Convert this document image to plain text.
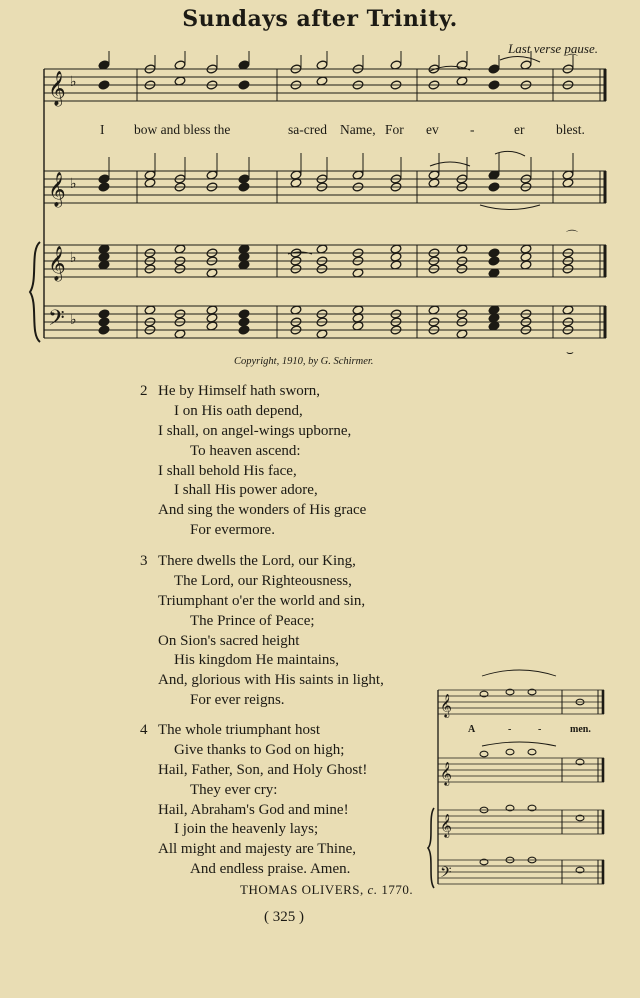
Sundays after Trinity.
Last verse pause.
𝄞
𝄞
𝄞
𝄢
♭
♭
♭
♭
⌒
⌒
⌣
I bow and bless the	sa-cred Name, For ev -	er blest.
Copyright, 1910, by G. Schirmer.
2 He by Himself hath sworn,
I on His oath depend,
I shall, on angel-wings upborne,
To heaven ascend:
I shall behold His face,
I shall His power adore,
And sing the wonders of His grace
For evermore.
3 There dwells the Lord, our King,
The Lord, our Righteousness,
Triumphant o'er the world and sin,
The Prince of Peace;
On Sion's sacred height
His kingdom He maintains,
And, glorious with His saints in light,
For ever reigns.
4 The whole triumphant host
Give thanks to God on high;
Hail, Father, Son, and Holy Ghost!
They ever cry:
Hail, Abraham's God and mine!
I join the heavenly lays;
All might and majesty are Thine,
And endless praise. Amen.
𝄞
𝄞
𝄞
𝄢
A	-	-	men.
THOMAS OLIVERS, c. 1770.
( 325 )
